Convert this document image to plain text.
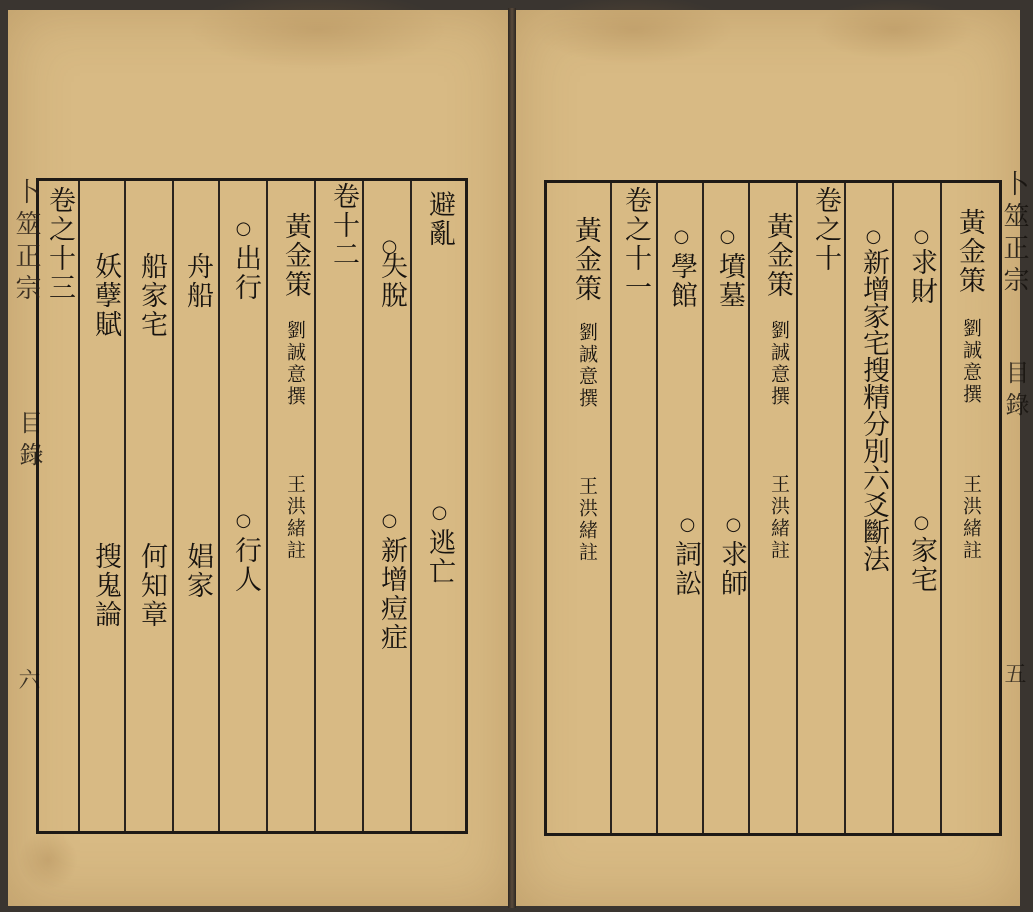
卜筮正宗
目錄
六
避亂
○
逃亡
○
失脫
○
新增痘症
卷十二
黃金策
劉誠意撰
王洪緒註
○
出行
○
行人
舟船
娼家
船家宅
何知章
妖孽賦
搜鬼論
卷之十三	卜筮正宗
目錄
五
黃金策
劉誠意撰
王洪緒註
○
求財
○
家宅
○
新增家宅搜精分別六爻斷法
卷之十
黃金策
劉誠意撰
王洪緒註
○
墳墓
○
求師
○
學館
○
詞訟
卷之十一
黃金策
劉誠意撰
王洪緒註
